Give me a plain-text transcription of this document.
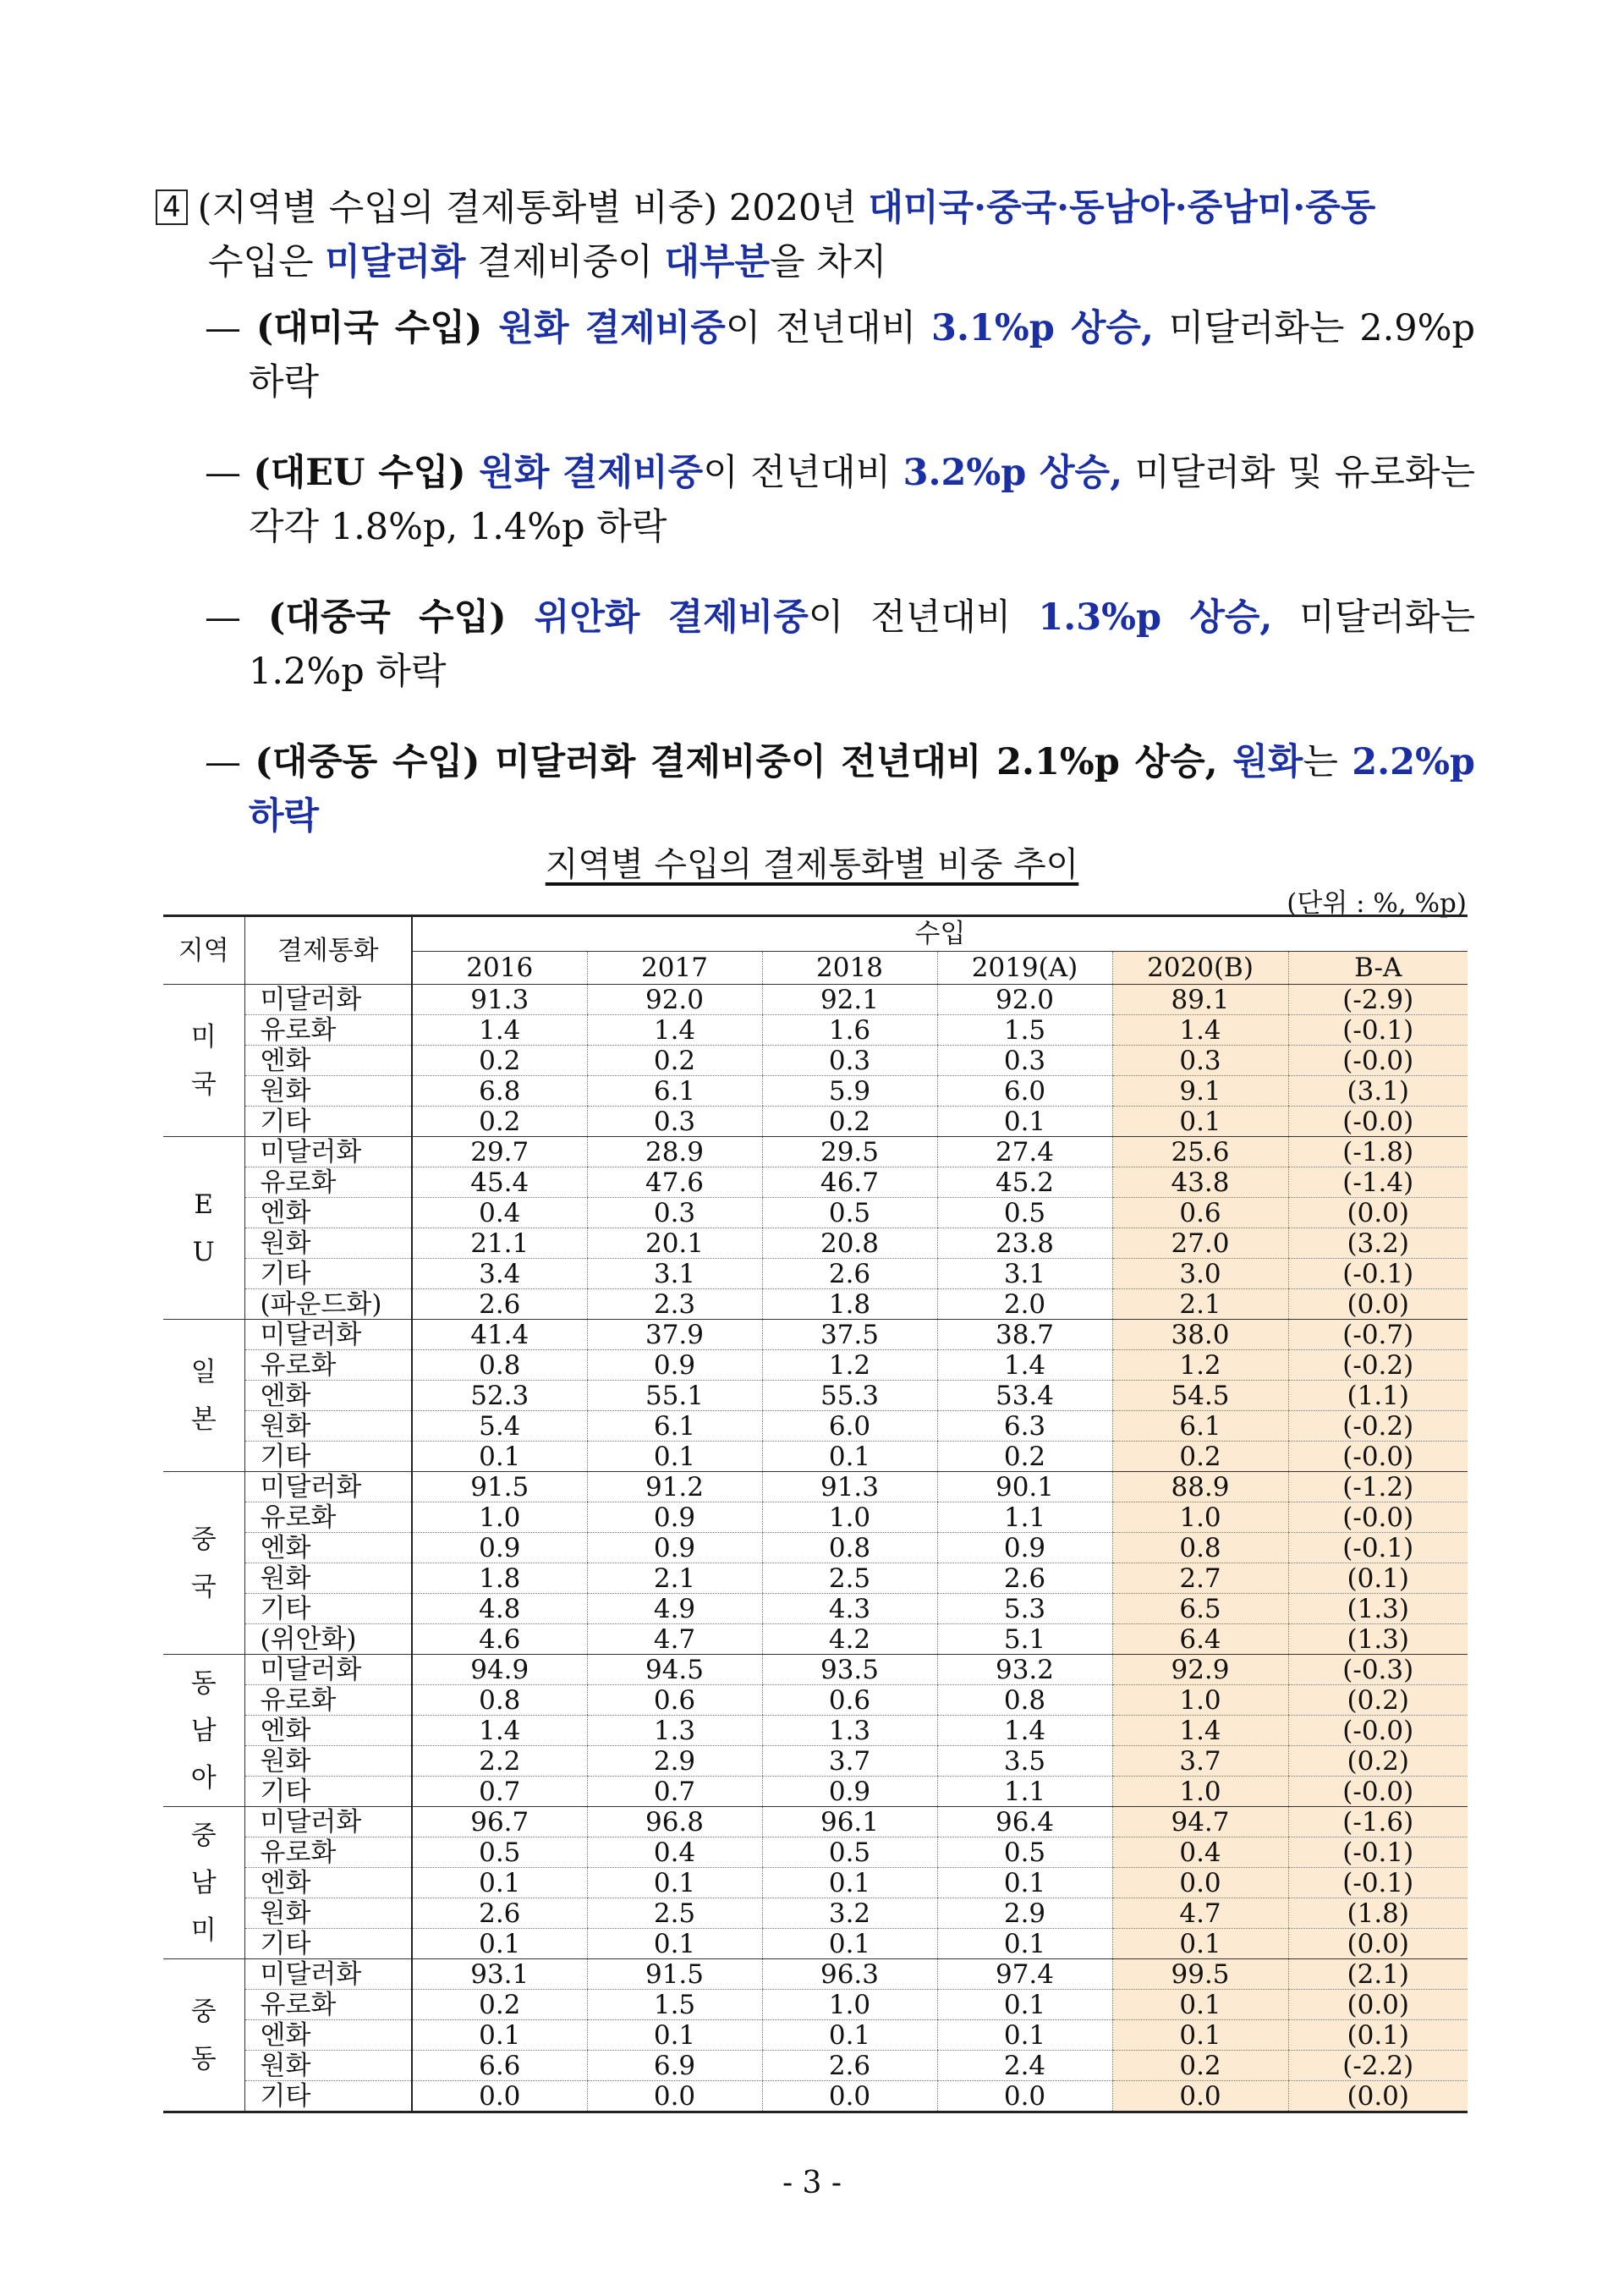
4 (지역별 수입의 결제통화별 비중) 2020년 대미국·중국·동남아·중남미·중동

수입은 미달러화 결제비중이 대부분을 차지

— (대미국 수입) 원화 결제비중이 전년대비 3.1%p 상승, 미달러화는 2.9%p 하락

— (대EU 수입) 원화 결제비중이 전년대비 3.2%p 상승, 미달러화 및 유로화는 각각 1.8%p, 1.4%p 하락

— (대중국 수입) 위안화 결제비중이 전년대비 1.3%p 상승, 미달러화는 1.2%p 하락

— (대중동 수입) 미달러화 결제비중이 전년대비 2.1%p 상승, 원화는 2.2%p 하락

지역별 수입의 결제통화별 비중 추이
(단위 : %, %p)
지역	결제통화	수입					
		2016	2017	2018	2019(A)	2020(B)	B-A

미
국	미달러화	91.3	92.0	92.1	92.0	89.1	(-2.9)
	유로화	1.4	1.4	1.6	1.5	1.4	(-0.1)
	엔화	0.2	0.2	0.3	0.3	0.3	(-0.0)
	원화	6.8	6.1	5.9	6.0	9.1	(3.1)
	기타	0.2	0.3	0.2	0.1	0.1	(-0.0)

E
U	미달러화	29.7	28.9	29.5	27.4	25.6	(-1.8)
	유로화	45.4	47.6	46.7	45.2	43.8	(-1.4)
	엔화	0.4	0.3	0.5	0.5	0.6	(0.0)
	원화	21.1	20.1	20.8	23.8	27.0	(3.2)
	기타	3.4	3.1	2.6	3.1	3.0	(-0.1)
	(파운드화)	2.6	2.3	1.8	2.0	2.1	(0.0)

일
본	미달러화	41.4	37.9	37.5	38.7	38.0	(-0.7)
	유로화	0.8	0.9	1.2	1.4	1.2	(-0.2)
	엔화	52.3	55.1	55.3	53.4	54.5	(1.1)
	원화	5.4	6.1	6.0	6.3	6.1	(-0.2)
	기타	0.1	0.1	0.1	0.2	0.2	(-0.0)

중
국	미달러화	91.5	91.2	91.3	90.1	88.9	(-1.2)
	유로화	1.0	0.9	1.0	1.1	1.0	(-0.0)
	엔화	0.9	0.9	0.8	0.9	0.8	(-0.1)
	원화	1.8	2.1	2.5	2.6	2.7	(0.1)
	기타	4.8	4.9	4.3	5.3	6.5	(1.3)
	(위안화)	4.6	4.7	4.2	5.1	6.4	(1.3)

동
남
아	미달러화	94.9	94.5	93.5	93.2	92.9	(-0.3)
	유로화	0.8	0.6	0.6	0.8	1.0	(0.2)
	엔화	1.4	1.3	1.3	1.4	1.4	(-0.0)
	원화	2.2	2.9	3.7	3.5	3.7	(0.2)
	기타	0.7	0.7	0.9	1.1	1.0	(-0.0)

중
남
미	미달러화	96.7	96.8	96.1	96.4	94.7	(-1.6)
	유로화	0.5	0.4	0.5	0.5	0.4	(-0.1)
	엔화	0.1	0.1	0.1	0.1	0.0	(-0.1)
	원화	2.6	2.5	3.2	2.9	4.7	(1.8)
	기타	0.1	0.1	0.1	0.1	0.1	(0.0)

중
동	미달러화	93.1	91.5	96.3	97.4	99.5	(2.1)
	유로화	0.2	1.5	1.0	0.1	0.1	(0.0)
	엔화	0.1	0.1	0.1	0.1	0.1	(0.1)
	원화	6.6	6.9	2.6	2.4	0.2	(-2.2)
	기타	0.0	0.0	0.0	0.0	0.0	(0.0)
- 3 -
